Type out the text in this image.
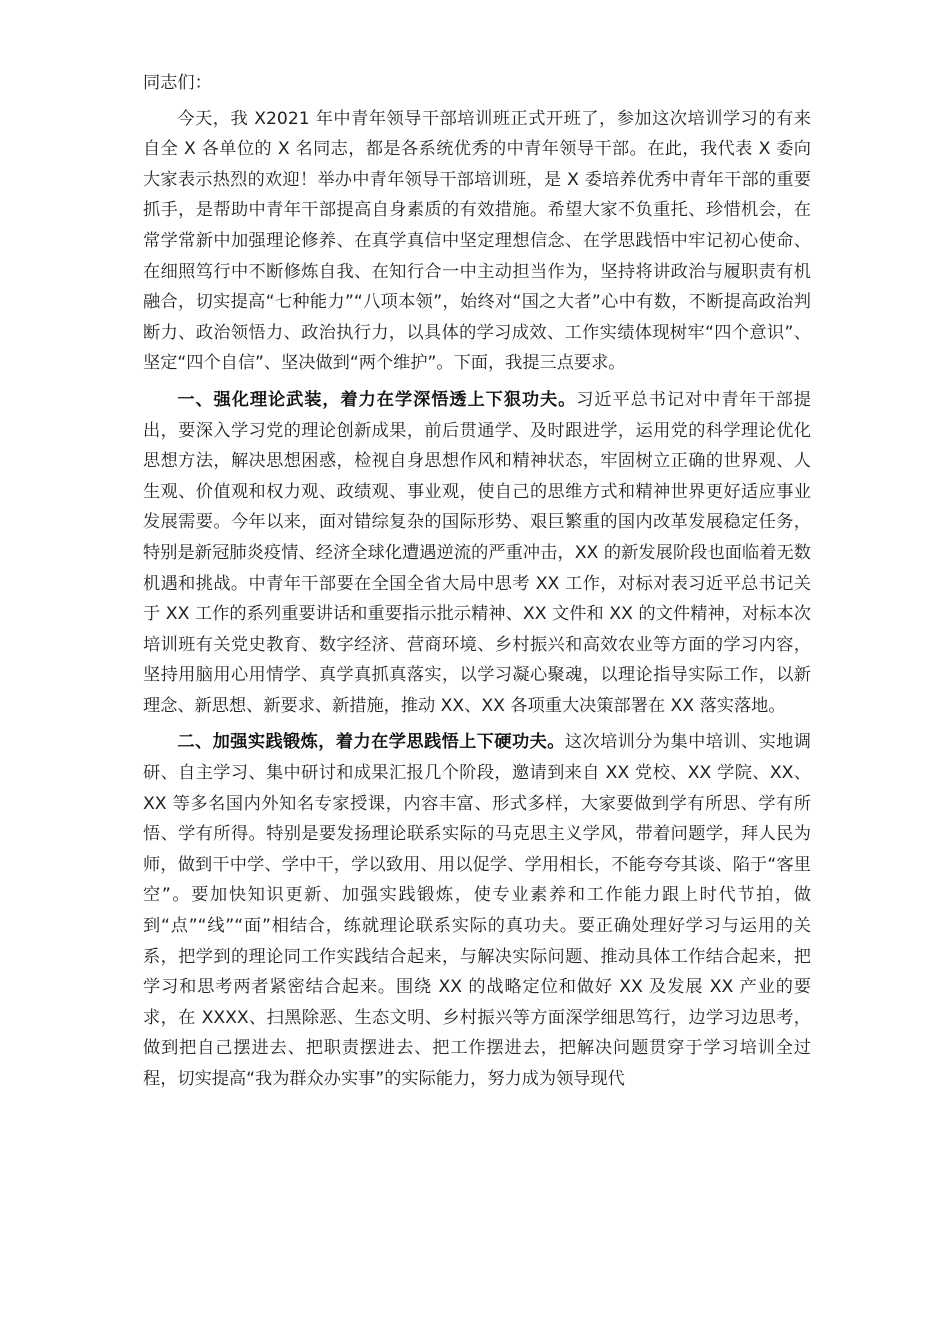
同志们：

今天，我 X2021 年中青年领导干部培训班正式开班了，参加这次培训学习的有来自全 X 各单位的 X 名同志，都是各系统优秀的中青年领导干部。在此，我代表 X 委向大家表示热烈的欢迎！举办中青年领导干部培训班，是 X 委培养优秀中青年干部的重要抓手，是帮助中青年干部提高自身素质的有效措施。希望大家不负重托、珍惜机会，在常学常新中加强理论修养、在真学真信中坚定理想信念、在学思践悟中牢记初心使命、在细照笃行中不断修炼自我、在知行合一中主动担当作为，坚持将讲政治与履职责有机融合，切实提高“七种能力”“八项本领”，始终对“国之大者”心中有数，不断提高政治判断力、政治领悟力、政治执行力，以具体的学习成效、工作实绩体现树牢“四个意识”、坚定“四个自信”、坚决做到“两个维护”。下面，我提三点要求。

一、强化理论武装，着力在学深悟透上下狠功夫。习近平总书记对中青年干部提出，要深入学习党的理论创新成果，前后贯通学、及时跟进学，运用党的科学理论优化思想方法，解决思想困惑，检视自身思想作风和精神状态，牢固树立正确的世界观、人生观、价值观和权力观、政绩观、事业观，使自己的思维方式和精神世界更好适应事业发展需要。今年以来，面对错综复杂的国际形势、艰巨繁重的国内改革发展稳定任务，特别是新冠肺炎疫情、经济全球化遭遇逆流的严重冲击，XX 的新发展阶段也面临着无数机遇和挑战。中青年干部要在全国全省大局中思考 XX 工作，对标对表习近平总书记关于 XX 工作的系列重要讲话和重要指示批示精神、XX 文件和 XX 的文件精神，对标本次培训班有关党史教育、数字经济、营商环境、乡村振兴和高效农业等方面的学习内容，坚持用脑用心用情学、真学真抓真落实，以学习凝心聚魂，以理论指导实际工作，以新理念、新思想、新要求、新措施，推动 XX、XX 各项重大决策部署在 XX 落实落地。

二、加强实践锻炼，着力在学思践悟上下硬功夫。这次培训分为集中培训、实地调研、自主学习、集中研讨和成果汇报几个阶段，邀请到来自 XX 党校、XX 学院、XX、XX 等多名国内外知名专家授课，内容丰富、形式多样，大家要做到学有所思、学有所悟、学有所得。特别是要发扬理论联系实际的马克思主义学风，带着问题学，拜人民为师，做到干中学、学中干，学以致用、用以促学、学用相长，不能夸夸其谈、陷于“客里空”。要加快知识更新、加强实践锻炼，使专业素养和工作能力跟上时代节拍，做到“点”“线”“面”相结合，练就理论联系实际的真功夫。要正确处理好学习与运用的关系，把学到的理论同工作实践结合起来，与解决实际问题、推动具体工作结合起来，把学习和思考两者紧密结合起来。围绕 XX 的战略定位和做好 XX 及发展 XX 产业的要求，在 XXXX、扫黑除恶、生态文明、乡村振兴等方面深学细思笃行，边学习边思考，做到把自己摆进去、把职责摆进去、把工作摆进去，把解决问题贯穿于学习培训全过程，切实提高“我为群众办实事”的实际能力，努力成为领导现代
